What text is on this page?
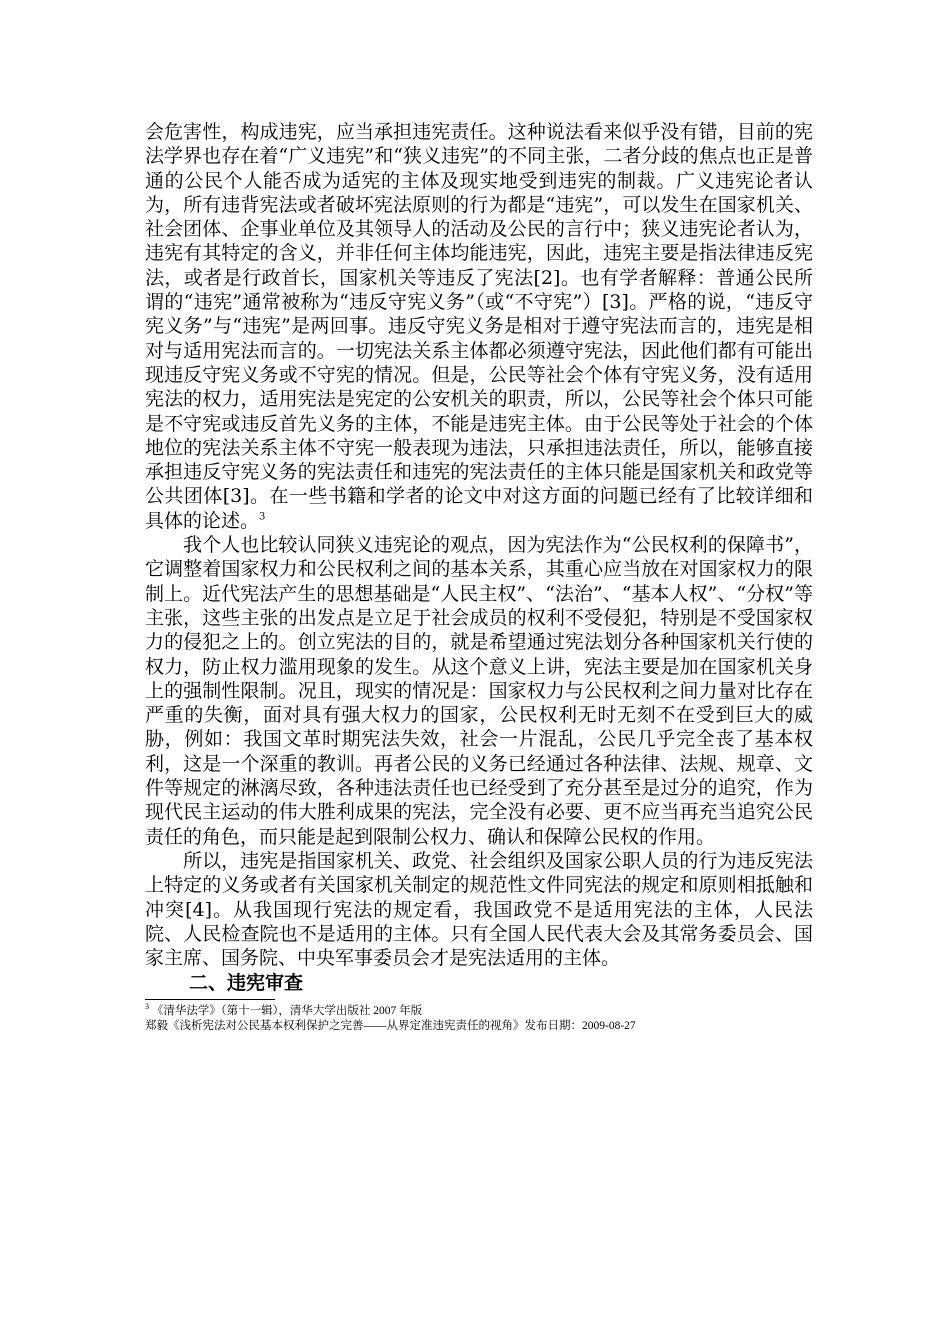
会危害性，构成违宪，应当承担违宪责任。这种说法看来似乎没有错，目前的宪法学界也存在着“广义违宪”和“狭义违宪”的不同主张，二者分歧的焦点也正是普通的公民个人能否成为适宪的主体及现实地受到违宪的制裁。广义违宪论者认为，所有违背宪法或者破坏宪法原则的行为都是“违宪”，可以发生在国家机关、社会团体、企事业单位及其领导人的活动及公民的言行中；狭义违宪论者认为，违宪有其特定的含义，并非任何主体均能违宪，因此，违宪主要是指法律违反宪法，或者是行政首长，国家机关等违反了宪法[2]。也有学者解释：普通公民所谓的“违宪”通常被称为“违反守宪义务”（或“不守宪”）[3]。严格的说，“违反守宪义务”与“违宪”是两回事。违反守宪义务是相对于遵守宪法而言的，违宪是相对与适用宪法而言的。一切宪法关系主体都必须遵守宪法，因此他们都有可能出现违反守宪义务或不守宪的情况。但是，公民等社会个体有守宪义务，没有适用宪法的权力，适用宪法是宪定的公安机关的职责，所以，公民等社会个体只可能是不守宪或违反首先义务的主体，不能是违宪主体。由于公民等处于社会的个体地位的宪法关系主体不守宪一般表现为违法，只承担违法责任，所以，能够直接承担违反守宪义务的宪法责任和违宪的宪法责任的主体只能是国家机关和政党等公共团体[3]。在一些书籍和学者的论文中对这方面的问题已经有了比较详细和具体的论述。$^3$

我个人也比较认同狭义违宪论的观点，因为宪法作为“公民权利的保障书”，它调整着国家权力和公民权利之间的基本关系，其重心应当放在对国家权力的限制上。近代宪法产生的思想基础是“人民主权”、“法治”、“基本人权”、“分权”等主张，这些主张的出发点是立足于社会成员的权利不受侵犯，特别是不受国家权力的侵犯之上的。创立宪法的目的，就是希望通过宪法划分各种国家机关行使的权力，防止权力滥用现象的发生。从这个意义上讲，宪法主要是加在国家机关身上的强制性限制。况且，现实的情况是：国家权力与公民权利之间力量对比存在严重的失衡，面对具有强大权力的国家，公民权利无时无刻不在受到巨大的威胁，例如：我国文革时期宪法失效，社会一片混乱，公民几乎完全丧了基本权利，这是一个深重的教训。再者公民的义务已经通过各种法律、法规、规章、文件等规定的淋漓尽致，各种违法责任也已经受到了充分甚至是过分的追究，作为现代民主运动的伟大胜利成果的宪法，完全没有必要、更不应当再充当追究公民责任的角色，而只能是起到限制公权力、确认和保障公民权的作用。

所以，违宪是指国家机关、政党、社会组织及国家公职人员的行为违反宪法上特定的义务或者有关国家机关制定的规范性文件同宪法的规定和原则相抵触和冲突[4]。从我国现行宪法的规定看，我国政党不是适用宪法的主体，人民法院、人民检查院也不是适用的主体。只有全国人民代表大会及其常务委员会、国家主席、国务院、中央军事委员会才是宪法适用的主体。

二、违宪审查

$^3$ 《清华法学》（第十一辑），清华大学出版社 2007 年版

郑毅《浅析宪法对公民基本权利保护之完善——从界定准违宪责任的视角》发布日期：2009-08-27
